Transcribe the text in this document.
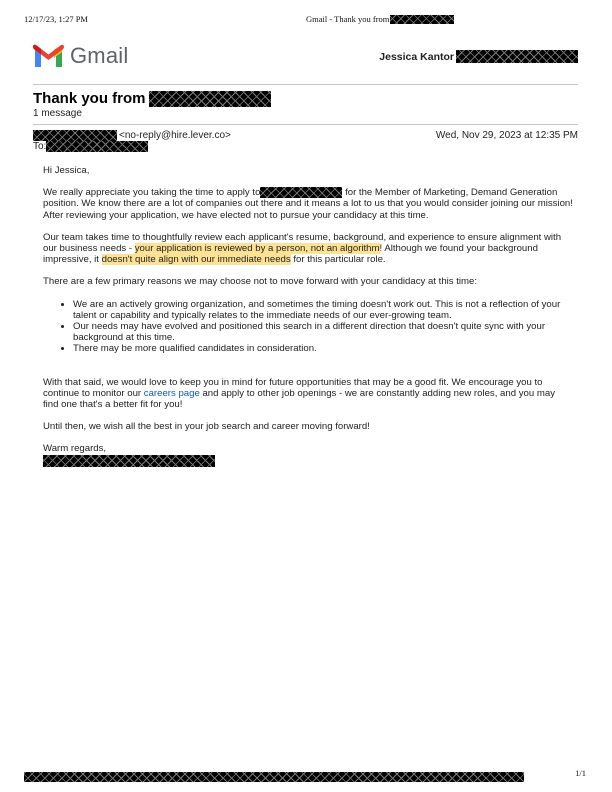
12/17/23, 1:27 PM	Gmail - Thank you from
Gmail	Jessica Kantor
Thank you from
1 message
<no-reply@hire.lever.co>	Wed, Nov 29, 2023 at 12:35 PM
To:

Hi Jessica,

We really appreciate you taking the time to apply to	for the Member of Marketing, Demand Generation position. We know there are a lot of companies out there and it means a lot to us that you would consider joining our mission! After reviewing your application, we have elected not to pursue your candidacy at this time.

Our team takes time to thoughtfully review each applicant's resume, background, and experience to ensure alignment with our business needs - your application is reviewed by a person, not an algorithm! Although we found your background impressive, it doesn't quite align with our immediate needs for this particular role.

There are a few primary reasons we may choose not to move forward with your candidacy at this time:

• We are an actively growing organization, and sometimes the timing doesn't work out. This is not a reflection of your talent or capability and typically relates to the immediate needs of our ever-growing team.
• Our needs may have evolved and positioned this search in a different direction that doesn't quite sync with your background at this time.
• There may be more qualified candidates in consideration.

With that said, we would love to keep you in mind for future opportunities that may be a good fit. We encourage you to continue to monitor our careers page and apply to other job openings - we are constantly adding new roles, and you may find one that's a better fit for you!

Until then, we wish all the best in your job search and career moving forward!

Warm regards,
1/1
